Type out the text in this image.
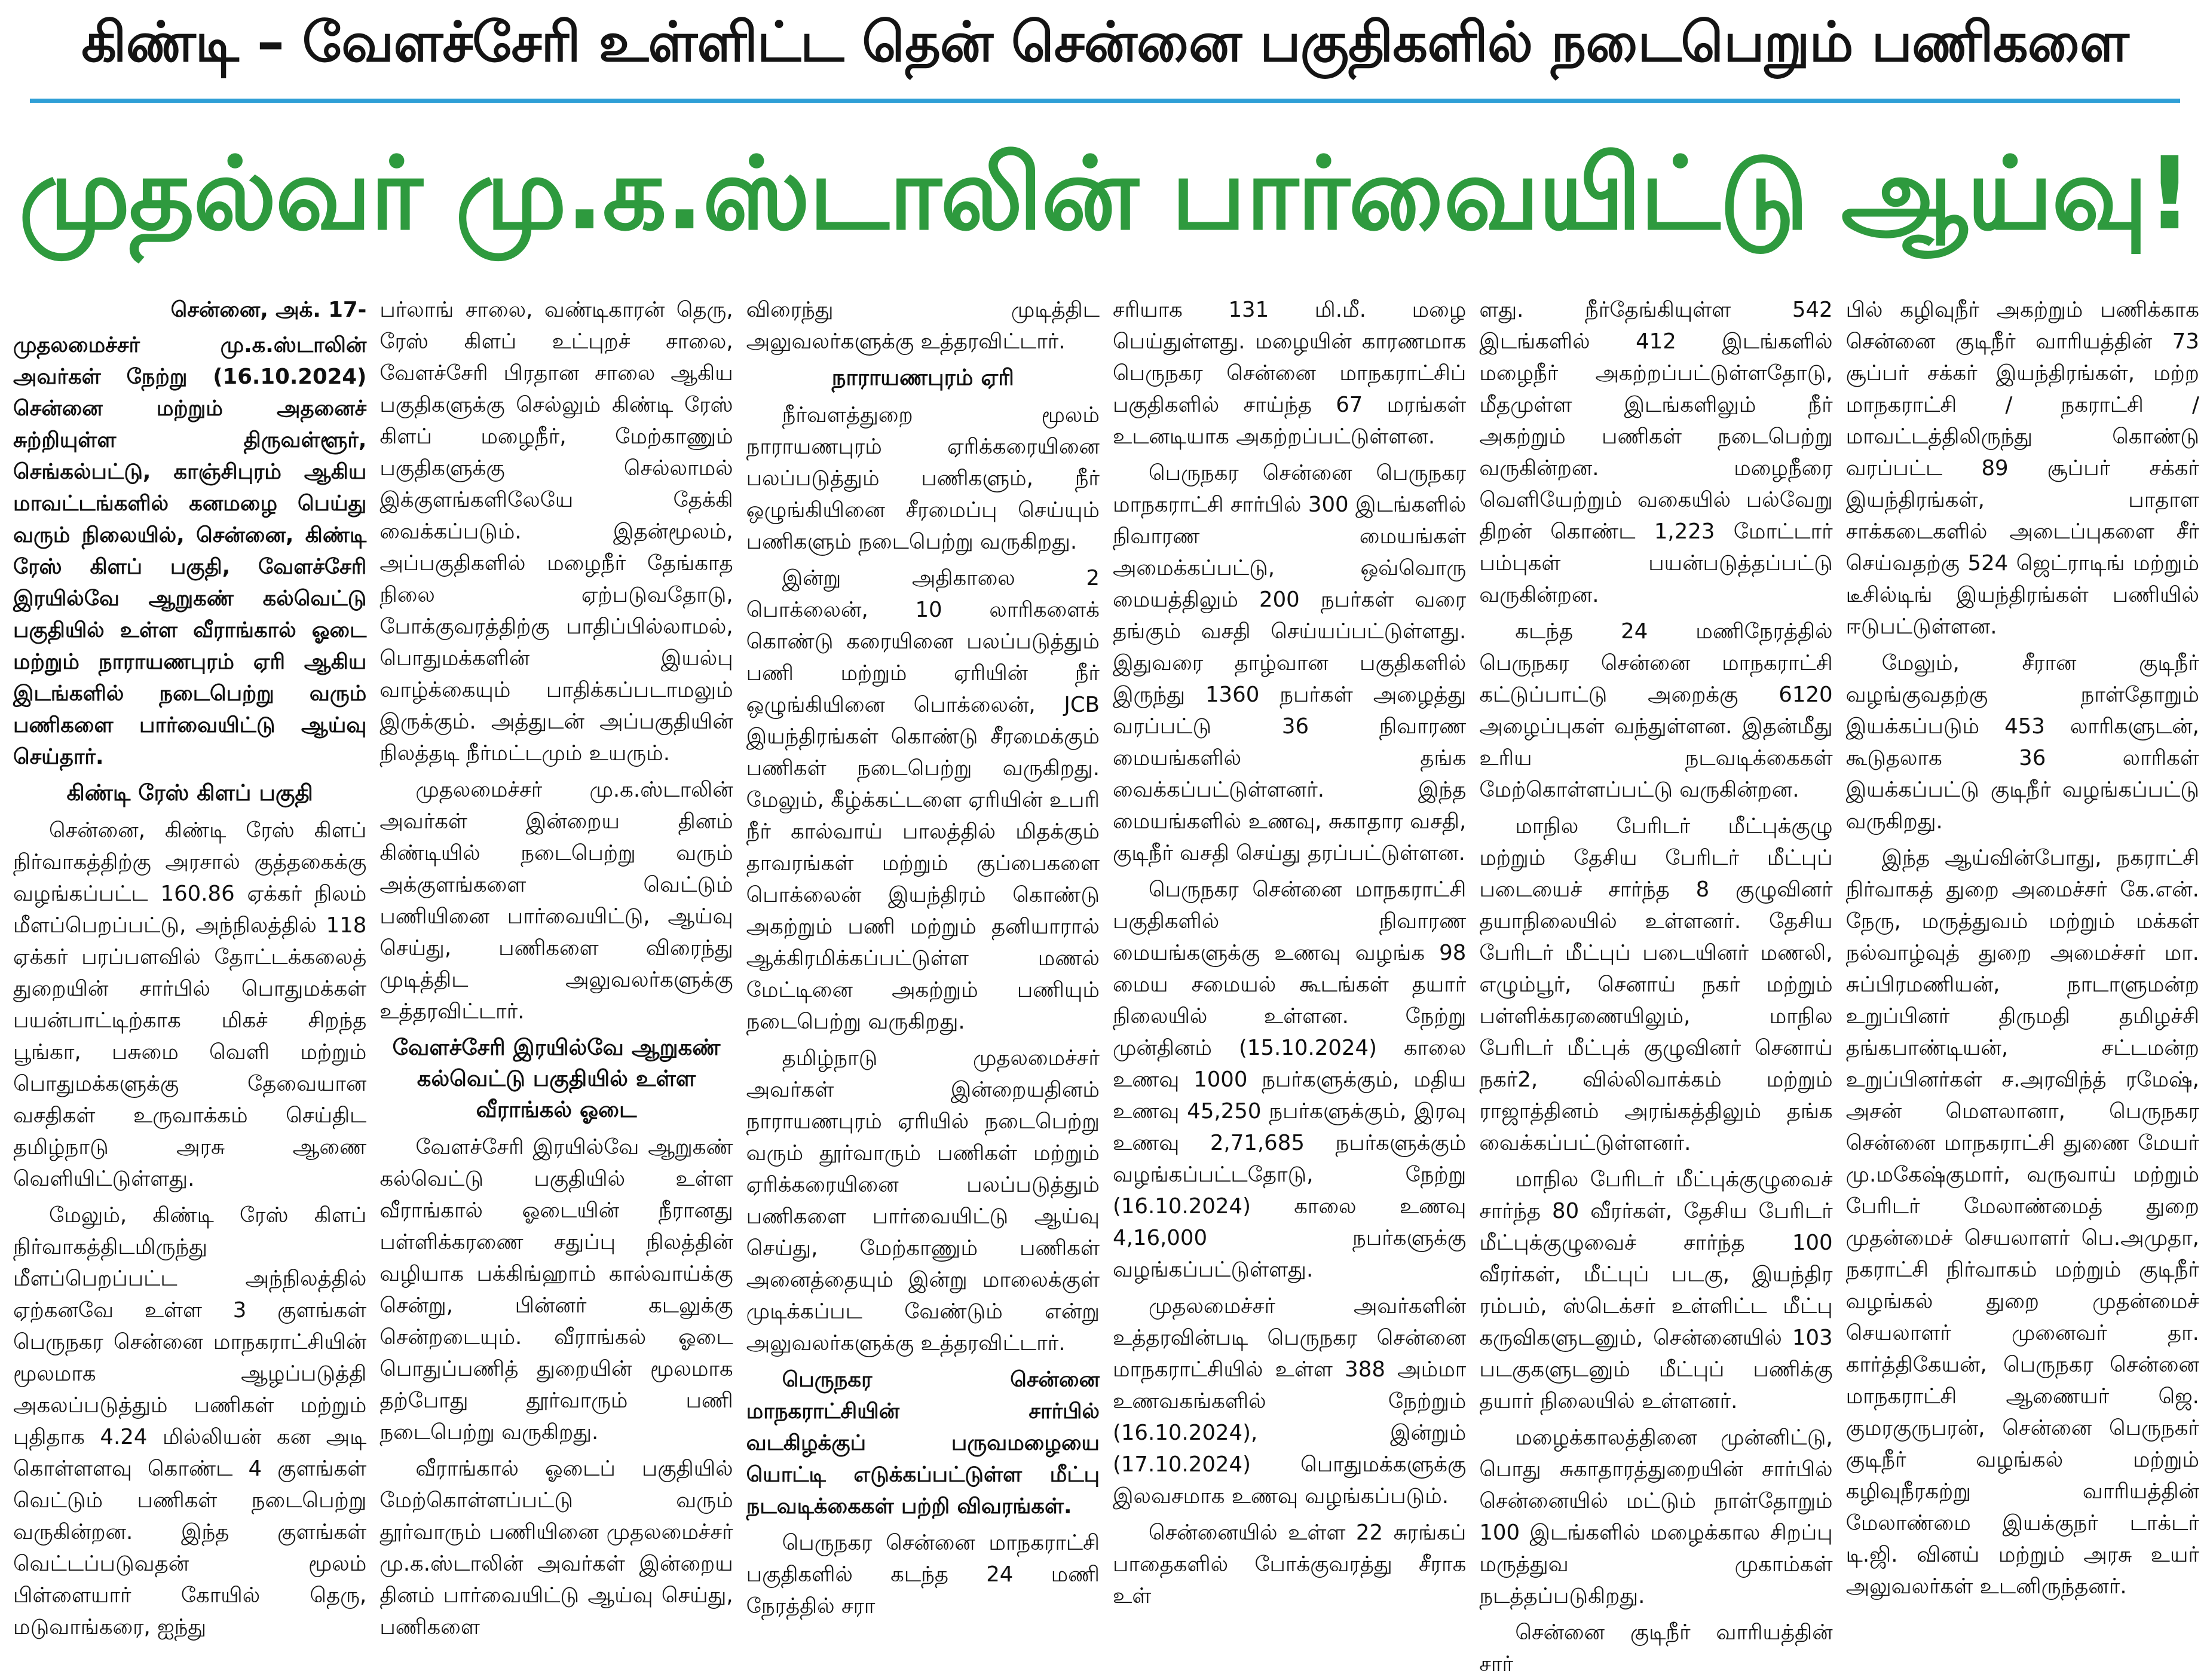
கிண்டி – வேளச்சேரி உள்ளிட்ட தென் சென்னை பகுதிகளில் நடைபெறும் பணிகளை
முதல்வர் மு.க.ஸ்டாலின் பார்வையிட்டு ஆய்வு!
சென்னை, அக். 17-

முதலமைச்சர் மு.க.ஸ்டாலின் அவர்கள் நேற்று (16.10.2024) சென்னை மற்றும் அதனைச் சுற்றியுள்ள திருவள்ளூர், செங்கல்பட்டு, காஞ்சிபுரம் ஆகிய மாவட்டங்களில் கனமழை பெய்து வரும் நிலையில், சென்னை, கிண்டி ரேஸ் கிளப் பகுதி, வேளச்சேரி இரயில்வே ஆறுகண் கல்வெட்டு பகுதியில் உள்ள வீராங்கால் ஓடை மற்றும் நாராயணபுரம் ஏரி ஆகிய இடங்களில் நடைபெற்று வரும் பணிகளை பார்வையிட்டு ஆய்வு செய்தார்.

கிண்டி ரேஸ் கிளப் பகுதி

சென்னை, கிண்டி ரேஸ் கிளப் நிர்வாகத்திற்கு அரசால் குத்தகைக்கு வழங்கப்பட்ட 160.86 ஏக்கர் நிலம் மீளப்பெறப்பட்டு, அந்நிலத்தில் 118 ஏக்கர் பரப்பளவில் தோட்டக்கலைத் துறையின் சார்பில் பொதுமக்கள் பயன்பாட்டிற்காக மிகச் சிறந்த பூங்கா, பசுமை வெளி மற்றும் பொதுமக்களுக்கு தேவையான வசதிகள் உருவாக்கம் செய்திட தமிழ்நாடு அரசு ஆணை வெளியிட்டுள்ளது.

மேலும், கிண்டி ரேஸ் கிளப் நிர்வாகத்திடமிருந்து மீளப்பெறப்பட்ட அந்நிலத்தில் ஏற்கனவே உள்ள 3 குளங்கள் பெருநகர சென்னை மாநகராட்சியின் மூலமாக ஆழப்படுத்தி அகலப்படுத்தும் பணிகள் மற்றும் புதிதாக 4.24 மில்லியன் கன அடி கொள்ளளவு கொண்ட 4 குளங்கள் வெட்டும் பணிகள் நடைபெற்று வருகின்றன. இந்த குளங்கள் வெட்டப்படுவதன் மூலம் பிள்ளையார் கோயில் தெரு, மடுவாங்கரை, ஐந்து

பர்லாங் சாலை, வண்டிகாரன் தெரு, ரேஸ் கிளப் உட்புறச் சாலை, வேளச்சேரி பிரதான சாலை ஆகிய பகுதிகளுக்கு செல்லும் கிண்டி ரேஸ் கிளப் மழைநீர், மேற்காணும் பகுதிகளுக்கு செல்லாமல் இக்குளங்களிலேயே தேக்கி வைக்கப்படும். இதன்மூலம், அப்பகுதிகளில் மழைநீர் தேங்காத நிலை ஏற்படுவதோடு, போக்குவரத்திற்கு பாதிப்பில்லாமல், பொதுமக்களின் இயல்பு வாழ்க்கையும் பாதிக்கப்படாமலும் இருக்கும். அத்துடன் அப்பகுதியின் நிலத்தடி நீர்மட்டமும் உயரும்.

முதலமைச்சர் மு.க.ஸ்டாலின் அவர்கள் இன்றைய தினம் கிண்டியில் நடைபெற்று வரும் அக்குளங்களை வெட்டும் பணியினை பார்வையிட்டு, ஆய்வு செய்து, பணிகளை விரைந்து முடித்திட அலுவலர்களுக்கு உத்தரவிட்டார்.

வேளச்சேரி இரயில்வே ஆறுகண் கல்வெட்டு பகுதியில் உள்ள வீராங்கல் ஓடை

வேளச்சேரி இரயில்வே ஆறுகண் கல்வெட்டு பகுதியில் உள்ள வீராங்கால் ஓடையின் நீரானது பள்ளிக்கரணை சதுப்பு நிலத்தின் வழியாக பக்கிங்ஹாம் கால்வாய்க்கு சென்று, பின்னர் கடலுக்கு சென்றடையும். வீராங்கல் ஓடை பொதுப்பணித் துறையின் மூலமாக தற்போது தூர்வாரும் பணி நடைபெற்று வருகிறது.

வீராங்கால் ஓடைப் பகுதியில் மேற்கொள்ளப்பட்டு வரும் தூர்வாரும் பணியினை முதலமைச்சர் மு.க.ஸ்டாலின் அவர்கள் இன்றைய தினம் பார்வையிட்டு ஆய்வு செய்து, பணிகளை

விரைந்து முடித்திட அலுவலர்களுக்கு உத்தரவிட்டார்.

நாராயணபுரம் ஏரி

நீர்வளத்துறை மூலம் நாராயணபுரம் ஏரிக்கரையினை பலப்படுத்தும் பணிகளும், நீர் ஒழுங்கியினை சீரமைப்பு செய்யும் பணிகளும் நடைபெற்று வருகிறது.

இன்று அதிகாலை 2 பொக்லைன், 10 லாரிகளைக் கொண்டு கரையினை பலப்படுத்தும் பணி மற்றும் ஏரியின் நீர் ஒழுங்கியினை பொக்லைன், JCB இயந்திரங்கள் கொண்டு சீரமைக்கும் பணிகள் நடைபெற்று வருகிறது. மேலும், கீழ்க்கட்டளை ஏரியின் உபரி நீர் கால்வாய் பாலத்தில் மிதக்கும் தாவரங்கள் மற்றும் குப்பைகளை பொக்லைன் இயந்திரம் கொண்டு அகற்றும் பணி மற்றும் தனியாரால் ஆக்கிரமிக்கப்பட்டுள்ள மணல் மேட்டினை அகற்றும் பணியும் நடைபெற்று வருகிறது.

தமிழ்நாடு முதலமைச்சர் அவர்கள் இன்றையதினம் நாராயணபுரம் ஏரியில் நடைபெற்று வரும் தூர்வாரும் பணிகள் மற்றும் ஏரிக்கரையினை பலப்படுத்தும் பணிகளை பார்வையிட்டு ஆய்வு செய்து, மேற்காணும் பணிகள் அனைத்தையும் இன்று மாலைக்குள் முடிக்கப்பட வேண்டும் என்று அலுவலர்களுக்கு உத்தரவிட்டார்.

பெருநகர சென்னை மாநகராட்சியின் சார்பில் வடகிழக்குப் பருவமழையை யொட்டி எடுக்கப்பட்டுள்ள மீட்பு நடவடிக்கைகள் பற்றி விவரங்கள்.

பெருநகர சென்னை மாநகராட்சி பகுதிகளில் கடந்த 24 மணி நேரத்தில் சரா

சரியாக 131 மி.மீ. மழை பெய்துள்ளது. மழையின் காரணமாக பெருநகர சென்னை மாநகராட்சிப் பகுதிகளில் சாய்ந்த 67 மரங்கள் உடனடியாக அகற்றப்பட்டுள்ளன.

பெருநகர சென்னை பெருநகர மாநகராட்சி சார்பில் 300 இடங்களில் நிவாரண மையங்கள் அமைக்கப்பட்டு, ஒவ்வொரு மையத்திலும் 200 நபர்கள் வரை தங்கும் வசதி செய்யப்பட்டுள்ளது. இதுவரை தாழ்வான பகுதிகளில் இருந்து 1360 நபர்கள் அழைத்து வரப்பட்டு 36 நிவாரண மையங்களில் தங்க வைக்கப்பட்டுள்ளனர். இந்த மையங்களில் உணவு, சுகாதார வசதி, குடிநீர் வசதி செய்து தரப்பட்டுள்ளன.

பெருநகர சென்னை மாநகராட்சி பகுதிகளில் நிவாரண மையங்களுக்கு உணவு வழங்க 98 மைய சமையல் கூடங்கள் தயார் நிலையில் உள்ளன. நேற்று முன்தினம் (15.10.2024) காலை உணவு 1000 நபர்களுக்கும், மதிய உணவு 45,250 நபர்களுக்கும், இரவு உணவு 2,71,685 நபர்களுக்கும் வழங்கப்பட்டதோடு, நேற்று (16.10.2024) காலை உணவு 4,16,000 நபர்களுக்கு வழங்கப்பட்டுள்ளது.

முதலமைச்சர் அவர்களின் உத்தரவின்படி பெருநகர சென்னை மாநகராட்சியில் உள்ள 388 அம்மா உணவகங்களில் நேற்றும் (16.10.2024), இன்றும் (17.10.2024) பொதுமக்களுக்கு இலவசமாக உணவு வழங்கப்படும்.

சென்னையில் உள்ள 22 சுரங்கப் பாதைகளில் போக்குவரத்து சீராக உள்

ளது. நீர்தேங்கியுள்ள 542 இடங்களில் 412 இடங்களில் மழைநீர் அகற்றப்பட்டுள்ளதோடு, மீதமுள்ள இடங்களிலும் நீர் அகற்றும் பணிகள் நடைபெற்று வருகின்றன. மழைநீரை வெளியேற்றும் வகையில் பல்வேறு திறன் கொண்ட 1,223 மோட்டார் பம்புகள் பயன்படுத்தப்பட்டு வருகின்றன.

கடந்த 24 மணிநேரத்தில் பெருநகர சென்னை மாநகராட்சி கட்டுப்பாட்டு அறைக்கு 6120 அழைப்புகள் வந்துள்ளன. இதன்மீது உரிய நடவடிக்கைகள் மேற்கொள்ளப்பட்டு வருகின்றன.

மாநில பேரிடர் மீட்புக்குழு மற்றும் தேசிய பேரிடர் மீட்புப் படையைச் சார்ந்த 8 குழுவினர் தயாநிலையில் உள்ளனர். தேசிய பேரிடர் மீட்புப் படையினர் மணலி, எழும்பூர், செனாய் நகர் மற்றும் பள்ளிக்கரணையிலும், மாநில பேரிடர் மீட்புக் குழுவினர் செனாய் நகர்2, வில்லிவாக்கம் மற்றும் ராஜாத்தினம் அரங்கத்திலும் தங்க வைக்கப்பட்டுள்ளனர்.

மாநில பேரிடர் மீட்புக்குழுவைச் சார்ந்த 80 வீரர்கள், தேசிய பேரிடர் மீட்புக்குழுவைச் சார்ந்த 100 வீரர்கள், மீட்புப் படகு, இயந்திர ரம்பம், ஸ்டெக்சர் உள்ளிட்ட மீட்பு கருவிகளுடனும், சென்னையில் 103 படகுகளுடனும் மீட்புப் பணிக்கு தயார் நிலையில் உள்ளனர்.

மழைக்காலத்தினை முன்னிட்டு, பொது சுகாதாரத்துறையின் சார்பில் சென்னையில் மட்டும் நாள்தோறும் 100 இடங்களில் மழைக்கால சிறப்பு மருத்துவ முகாம்கள் நடத்தப்படுகிறது.

சென்னை குடிநீர் வாரியத்தின் சார்

பில் கழிவுநீர் அகற்றும் பணிக்காக சென்னை குடிநீர் வாரியத்தின் 73 சூப்பர் சக்கர் இயந்திரங்கள், மற்ற மாநகராட்சி / நகராட்சி / மாவட்டத்திலிருந்து கொண்டு வரப்பட்ட 89 சூப்பர் சக்கர் இயந்திரங்கள், பாதாள சாக்கடைகளில் அடைப்புகளை சீர் செய்வதற்கு 524 ஜெட்ராடிங் மற்றும் டீசில்டிங் இயந்திரங்கள் பணியில் ஈடுபட்டுள்ளன.

மேலும், சீரான குடிநீர் வழங்குவதற்கு நாள்தோறும் இயக்கப்படும் 453 லாரிகளுடன், கூடுதலாக 36 லாரிகள் இயக்கப்பட்டு குடிநீர் வழங்கப்பட்டு வருகிறது.

இந்த ஆய்வின்போது, நகராட்சி நிர்வாகத் துறை அமைச்சர் கே.என். நேரு, மருத்துவம் மற்றும் மக்கள் நல்வாழ்வுத் துறை அமைச்சர் மா. சுப்பிரமணியன், நாடாளுமன்ற உறுப்பினர் திருமதி தமிழச்சி தங்கபாண்டியன், சட்டமன்ற உறுப்பினர்கள் ச.அரவிந்த் ரமேஷ், அசன் மௌலானா, பெருநகர சென்னை மாநகராட்சி துணை மேயர் மு.மகேஷ்குமார், வருவாய் மற்றும் பேரிடர் மேலாண்மைத் துறை முதன்மைச் செயலாளர் பெ.அமுதா, நகராட்சி நிர்வாகம் மற்றும் குடிநீர் வழங்கல் துறை முதன்மைச் செயலாளர் முனைவர் தா. கார்த்திகேயன், பெருநகர சென்னை மாநகராட்சி ஆணையர் ஜெ. குமரகுருபரன், சென்னை பெருநகர் குடிநீர் வழங்கல் மற்றும் கழிவுநீரகற்று வாரியத்தின் மேலாண்மை இயக்குநர் டாக்டர் டி.ஜி. வினய் மற்றும் அரசு உயர் அலுவலர்கள் உடனிருந்தனர்.
